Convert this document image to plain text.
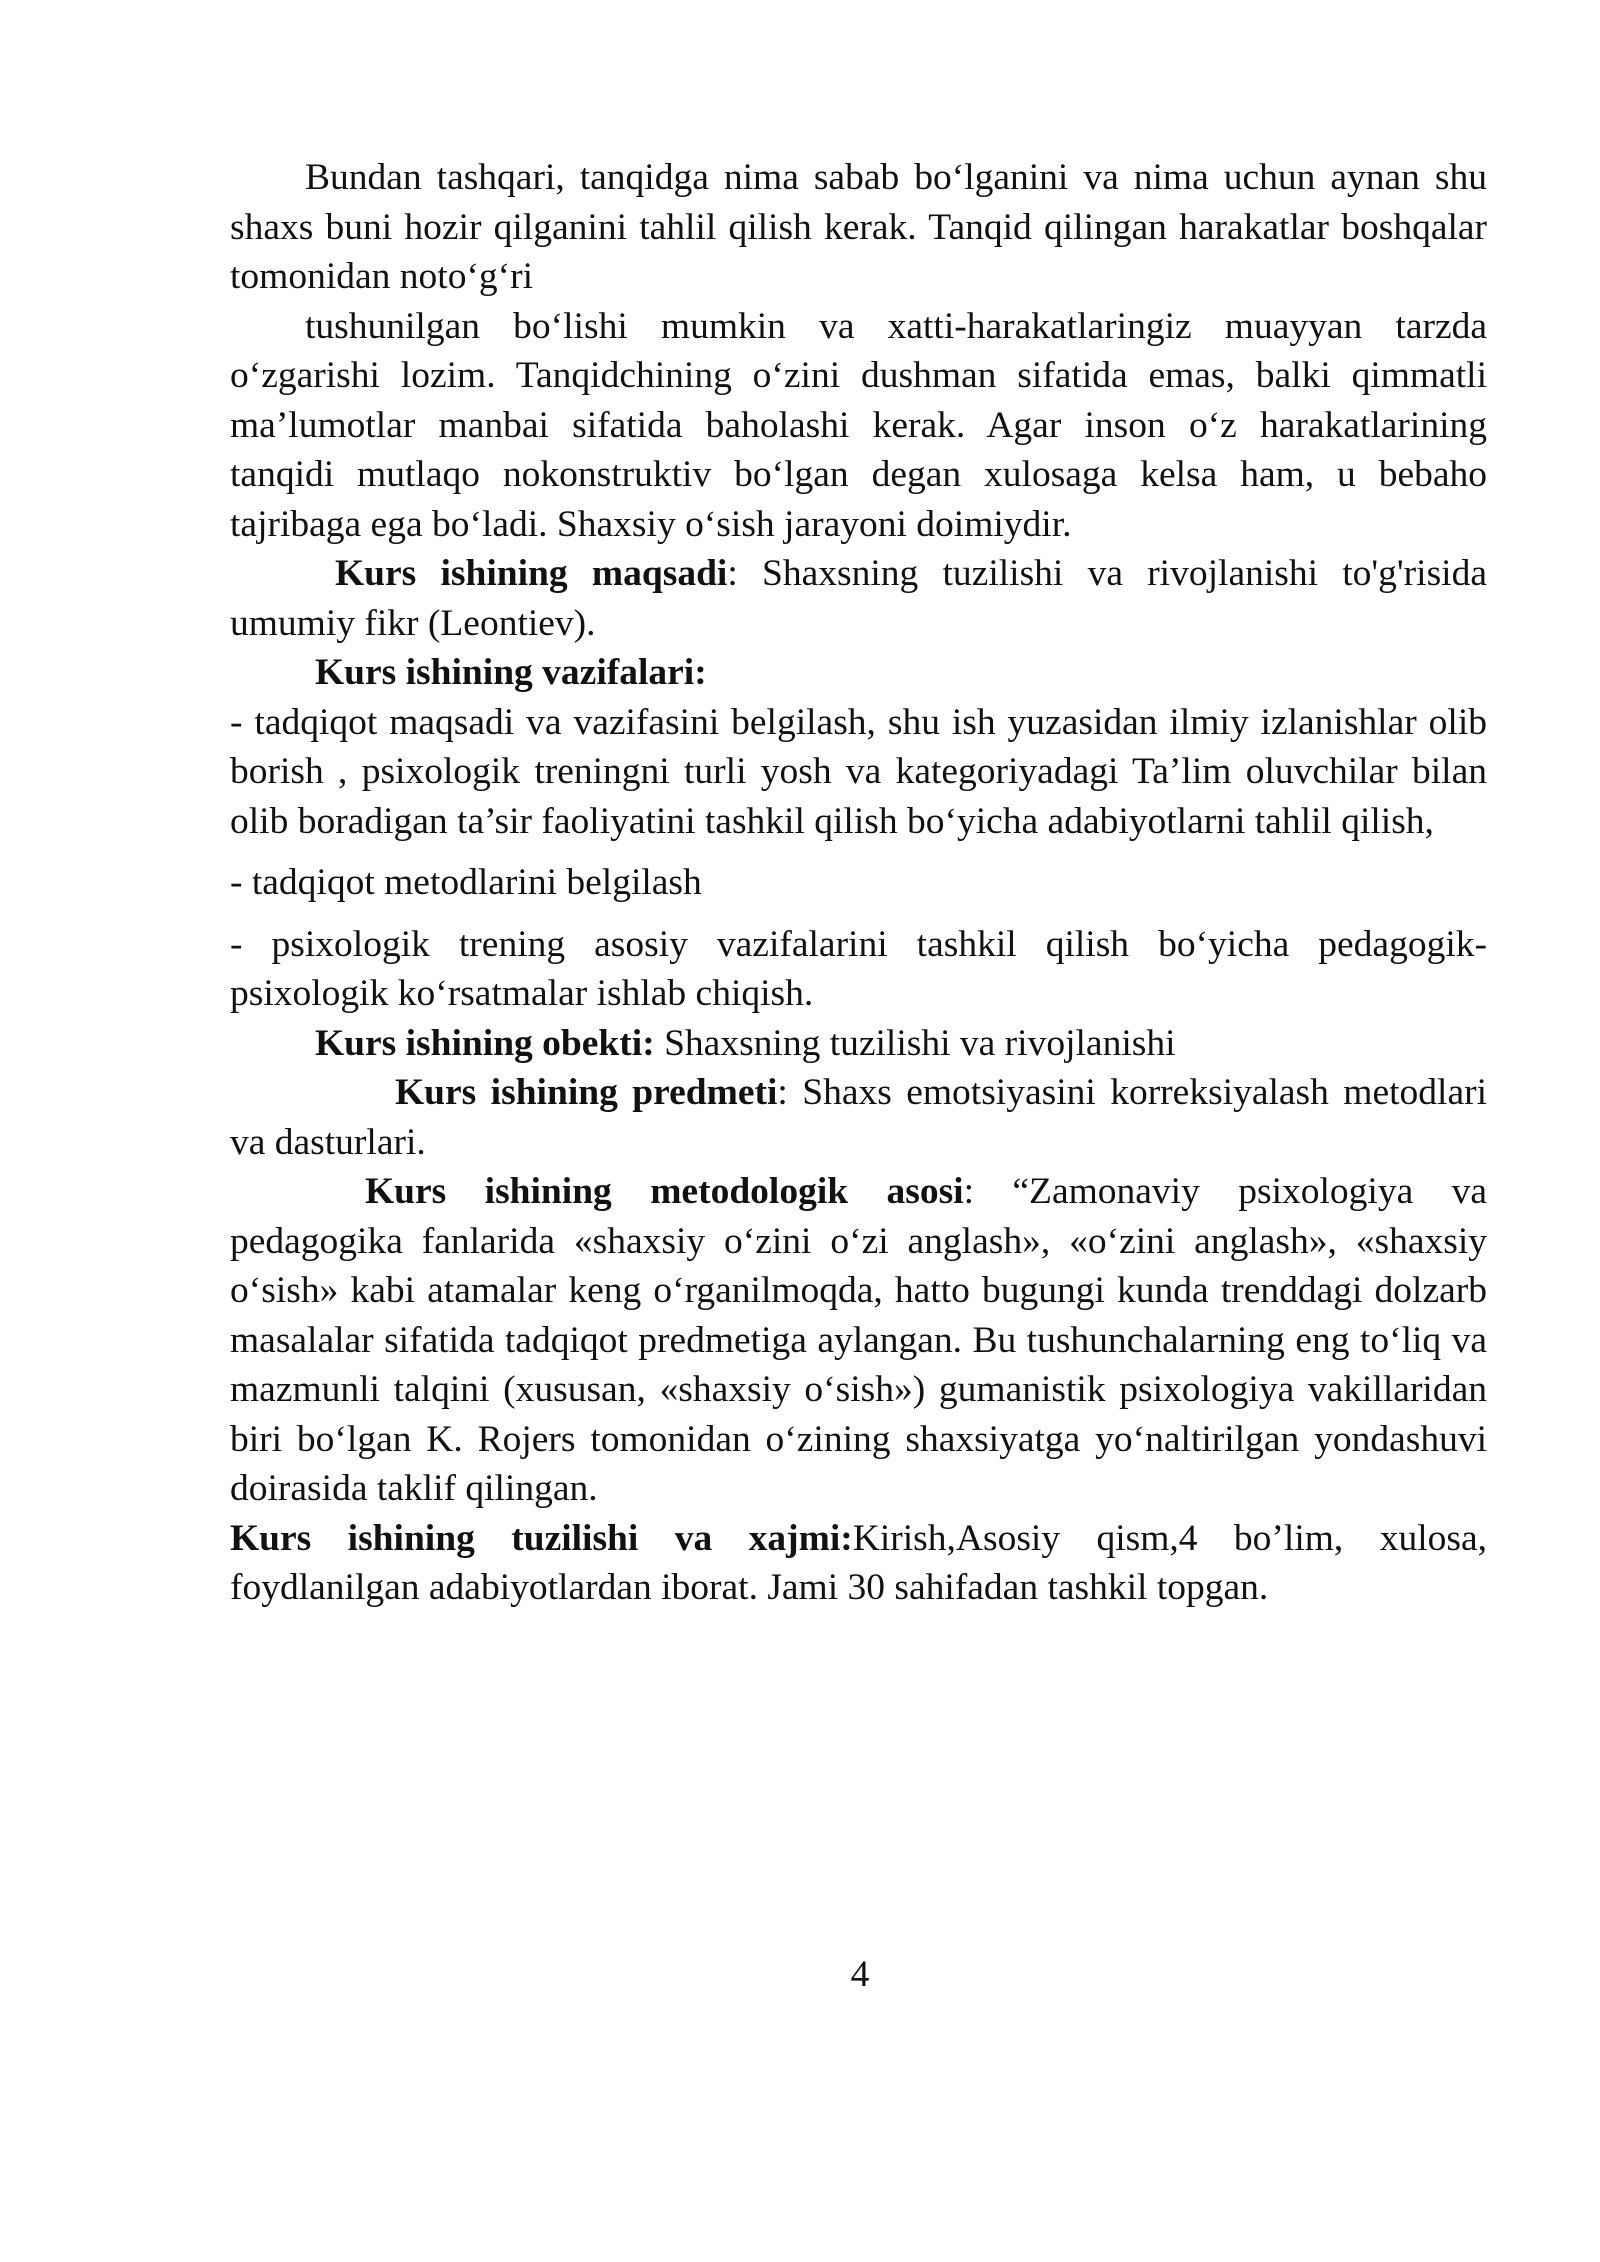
Bundan tashqari, tanqidga nima sabab bo‘lganini va nima uchun aynan shu shaxs buni hozir qilganini tahlil qilish kerak. Tanqid qilingan harakatlar boshqalar tomonidan noto‘g‘ri

tushunilgan bo‘lishi mumkin va xatti-harakatlaringiz muayyan tarzda o‘zgarishi lozim. Tanqidchining o‘zini dushman sifatida emas, balki qimmatli ma’lumotlar manbai sifatida baholashi kerak. Agar inson o‘z harakatlarining tanqidi mutlaqo nokonstruktiv bo‘lgan degan xulosaga kelsa ham, u bebaho tajribaga ega bo‘ladi. Shaxsiy o‘sish jarayoni doimiydir.

Kurs ishining maqsadi: Shaxsning tuzilishi va rivojlanishi to'g'risida umumiy fikr (Leontiev).

Kurs ishining vazifalari:

- tadqiqot maqsadi va vazifasini belgilash, shu ish yuzasidan ilmiy izlanishlar olib borish , psixologik treningni turli yosh va kategoriyadagi Ta’lim oluvchilar bilan olib boradigan ta’sir faoliyatini tashkil qilish bo‘yicha adabiyotlarni tahlil qilish,

- tadqiqot metodlarini belgilash

- psixologik trening asosiy vazifalarini tashkil qilish bo‘yicha pedagogik-psixologik ko‘rsatmalar ishlab chiqish.

Kurs ishining obekti: Shaxsning tuzilishi va rivojlanishi

Kurs ishining predmeti: Shaxs emotsiyasini korreksiyalash metodlari va dasturlari.

Kurs ishining metodologik asosi: “Zamonaviy psixologiya va pedagogika fanlarida «shaxsiy o‘zini o‘zi anglash», «o‘zini anglash», «shaxsiy o‘sish» kabi atamalar keng o‘rganilmoqda, hatto bugungi kunda trenddagi dolzarb masalalar sifatida tadqiqot predmetiga aylangan. Bu tushunchalarning eng to‘liq va mazmunli talqini (xususan, «shaxsiy o‘sish») gumanistik psixologiya vakillaridan biri bo‘lgan K. Rojers tomonidan o‘zining shaxsiyatga yo‘naltirilgan yondashuvi doirasida taklif qilingan.

Kurs ishining tuzilishi va xajmi:Kirish,Asosiy qism,4 bo’lim, xulosa, foydlanilgan adabiyotlardan iborat. Jami 30 sahifadan tashkil topgan.

4
